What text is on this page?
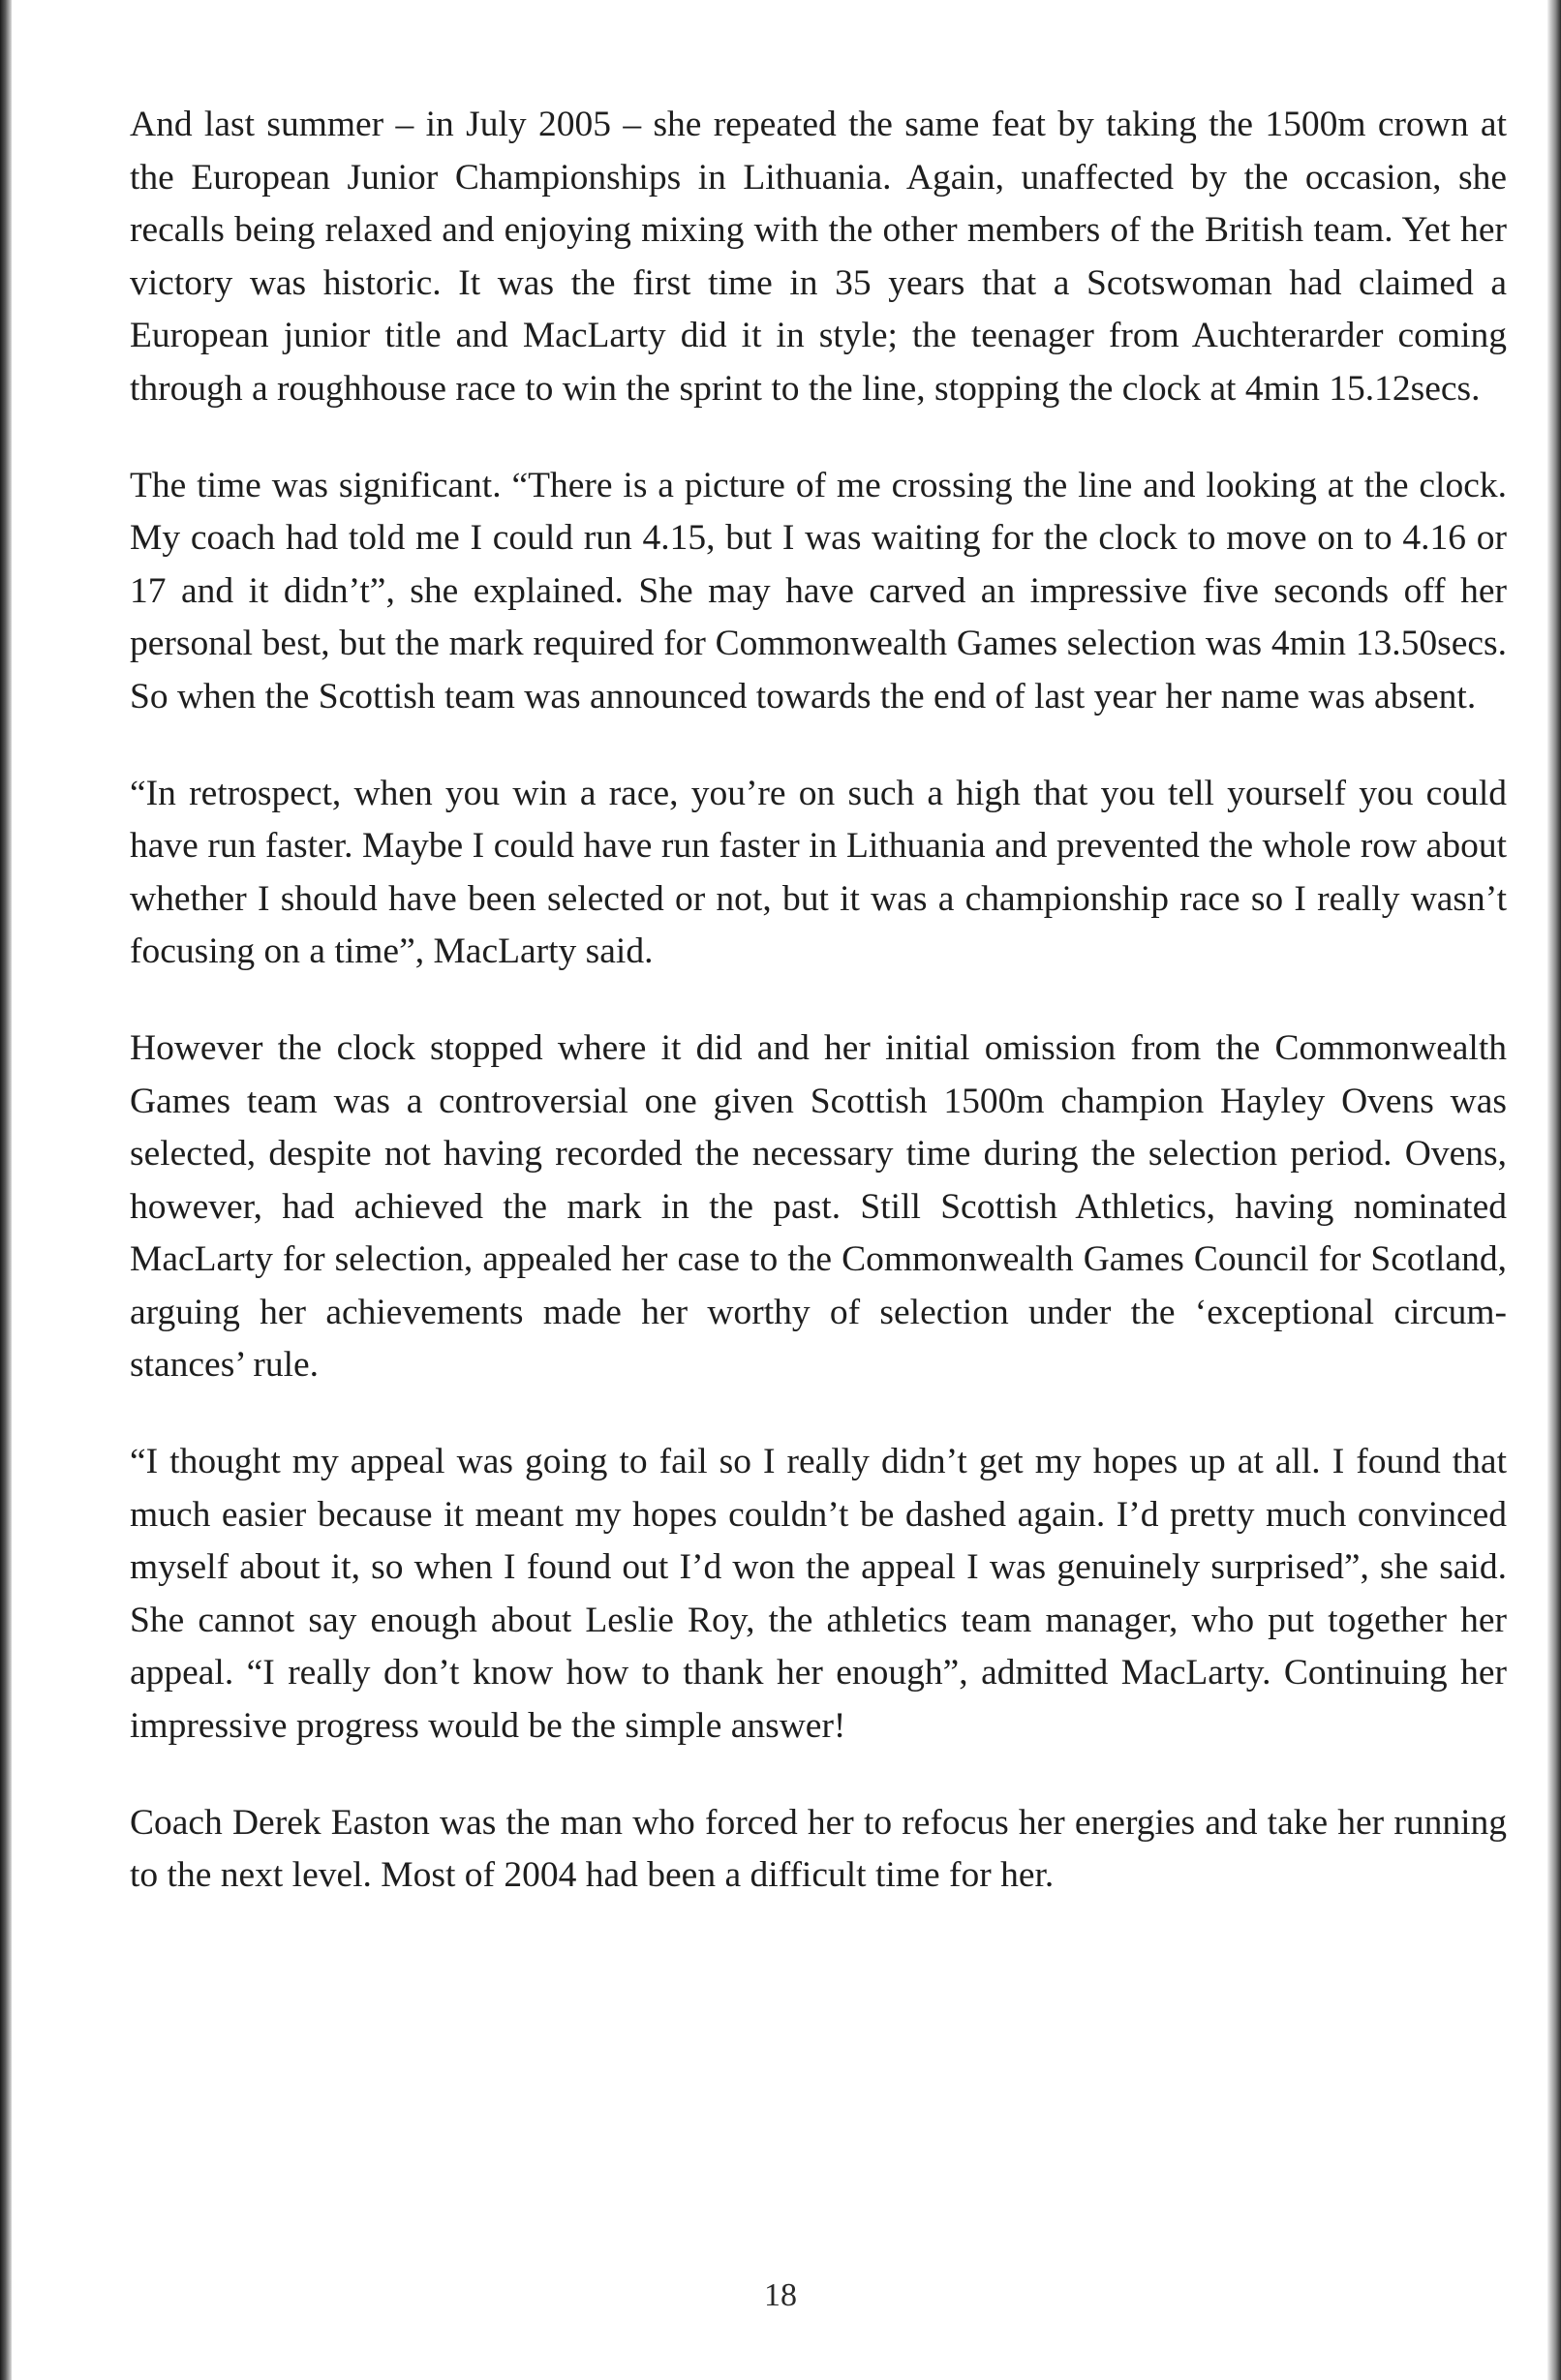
And last summer – in July 2005 – she repeated the same feat by taking the 1500m crown at the European Junior Championships in Lithuania. Again, unaffected by the occasion, she recalls being relaxed and enjoying mixing with the other members of the British team. Yet her victory was historic. It was the first time in 35 years that a Scotswoman had claimed a European junior title and MacLarty did it in style; the teenager from Auchterarder coming through a roughhouse race to win the sprint to the line, stopping the clock at 4min 15.12secs.

The time was significant. “There is a picture of me crossing the line and looking at the clock. My coach had told me I could run 4.15, but I was waiting for the clock to move on to 4.16 or 17 and it didn’t”, she explained. She may have carved an impressive five seconds off her personal best, but the mark required for Commonwealth Games selection was 4min 13.50secs. So when the Scottish team was announced towards the end of last year her name was absent.

“In retrospect, when you win a race, you’re on such a high that you tell yourself you could have run faster. Maybe I could have run faster in Lithuania and prevented the whole row about whether I should have been selected or not, but it was a championship race so I really wasn’t focusing on a time”, MacLarty said.

However the clock stopped where it did and her initial omission from the Commonwealth Games team was a controversial one given Scottish 1500m champion Hayley Ovens was selected, despite not having recorded the necessary time during the selection period. Ovens, however, had achieved the mark in the past. Still Scottish Athletics, having nominated MacLarty for selection, appealed her case to the Commonwealth Games Council for Scotland, arguing her achievements made her worthy of selection under the ‘exceptional circum-stances’ rule.

“I thought my appeal was going to fail so I really didn’t get my hopes up at all. I found that much easier because it meant my hopes couldn’t be dashed again. I’d pretty much convinced myself about it, so when I found out I’d won the appeal I was genuinely surprised”, she said. She cannot say enough about Leslie Roy, the athletics team manager, who put together her appeal. “I really don’t know how to thank her enough”, admitted MacLarty. Continuing her impressive progress would be the simple answer!

Coach Derek Easton was the man who forced her to refocus her energies and take her running to the next level. Most of 2004 had been a difficult time for her.

18
